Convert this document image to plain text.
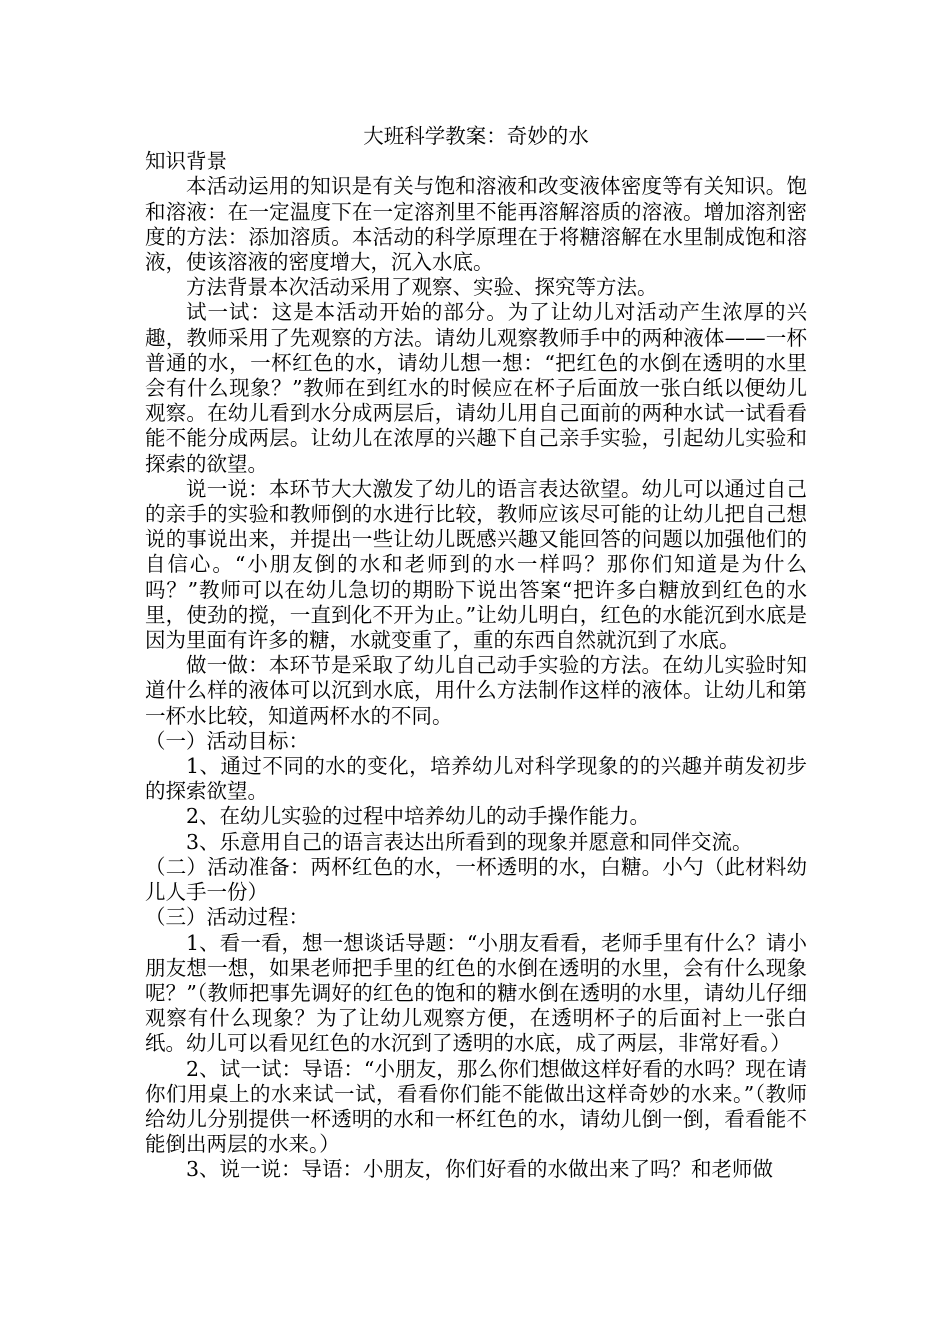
大班科学教案：奇妙的水

知识背景

本活动运用的知识是有关与饱和溶液和改变液体密度等有关知识。饱和溶液：在一定温度下在一定溶剂里不能再溶解溶质的溶液。增加溶剂密度的方法：添加溶质。本活动的科学原理在于将糖溶解在水里制成饱和溶液，使该溶液的密度增大，沉入水底。

方法背景本次活动采用了观察、实验、探究等方法。

试一试：这是本活动开始的部分。为了让幼儿对活动产生浓厚的兴趣，教师采用了先观察的方法。请幼儿观察教师手中的两种液体——一杯普通的水，一杯红色的水，请幼儿想一想：“把红色的水倒在透明的水里会有什么现象？”教师在到红水的时候应在杯子后面放一张白纸以便幼儿观察。在幼儿看到水分成两层后，请幼儿用自己面前的两种水试一试看看能不能分成两层。让幼儿在浓厚的兴趣下自己亲手实验，引起幼儿实验和探索的欲望。

说一说：本环节大大激发了幼儿的语言表达欲望。幼儿可以通过自己的亲手的实验和教师倒的水进行比较，教师应该尽可能的让幼儿把自己想说的事说出来，并提出一些让幼儿既感兴趣又能回答的问题以加强他们的自信心。“小朋友倒的水和老师到的水一样吗？那你们知道是为什么吗？”教师可以在幼儿急切的期盼下说出答案“把许多白糖放到红色的水里，使劲的搅，一直到化不开为止。”让幼儿明白，红色的水能沉到水底是因为里面有许多的糖，水就变重了，重的东西自然就沉到了水底。

做一做：本环节是采取了幼儿自己动手实验的方法。在幼儿实验时知道什么样的液体可以沉到水底，用什么方法制作这样的液体。让幼儿和第一杯水比较，知道两杯水的不同。

（一）活动目标：

1、通过不同的水的变化，培养幼儿对科学现象的的兴趣并萌发初步的探索欲望。

2、在幼儿实验的过程中培养幼儿的动手操作能力。

3、乐意用自己的语言表达出所看到的现象并愿意和同伴交流。

（二）活动准备：两杯红色的水，一杯透明的水，白糖。小勺（此材料幼儿人手一份）

（三）活动过程：

1、看一看，想一想谈话导题：“小朋友看看，老师手里有什么？请小朋友想一想，如果老师把手里的红色的水倒在透明的水里，会有什么现象呢？”（教师把事先调好的红色的饱和的糖水倒在透明的水里，请幼儿仔细观察有什么现象？为了让幼儿观察方便，在透明杯子的后面衬上一张白纸。幼儿可以看见红色的水沉到了透明的水底，成了两层，非常好看。）

2、试一试：导语：“小朋友，那么你们想做这样好看的水吗？现在请你们用桌上的水来试一试，看看你们能不能做出这样奇妙的水来。”（教师给幼儿分别提供一杯透明的水和一杯红色的水，请幼儿倒一倒，看看能不能倒出两层的水来。）

3、说一说：导语：小朋友，你们好看的水做出来了吗？和老师做
